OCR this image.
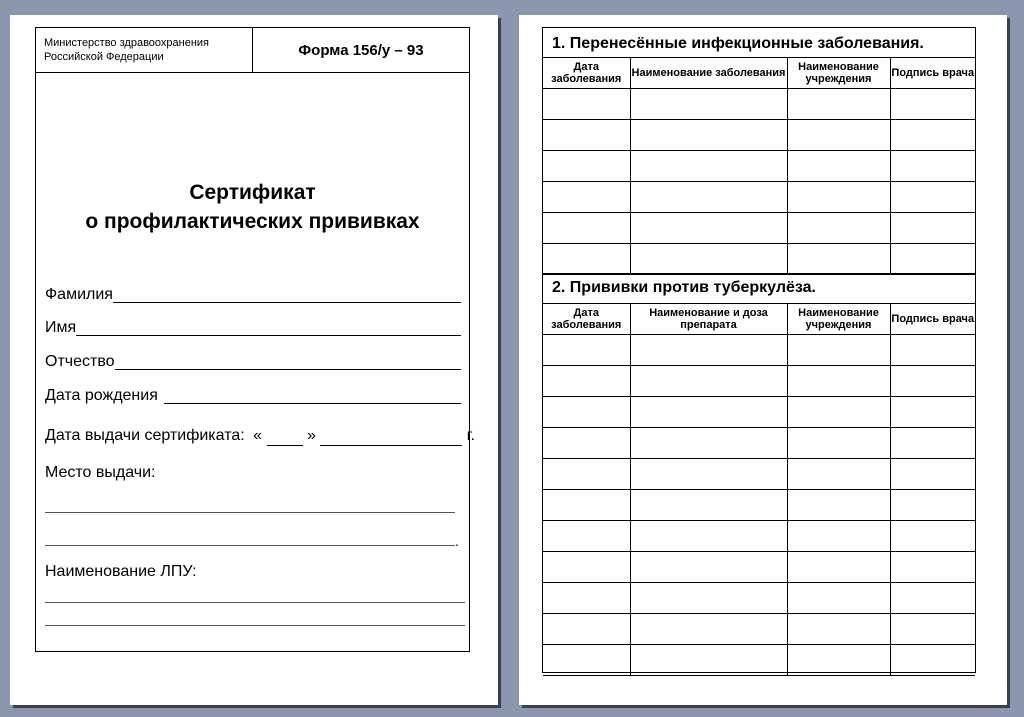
Министерство здравоохранения Российской Федерации	Форма 156/у – 93
Сертификат
о профилактических прививках
Фамилия
Имя
Отчество
Дата рождения
Дата выдачи сертификата: «	»	г.
Место выдачи:
.
Наименование ЛПУ:
1. Перенесённые инфекционные заболевания.
Дата заболевания	Наименование заболевания	Наименование учреждения	Подпись врача

2. Прививки против туберкулёза.
Дата заболевания	Наименование и доза препарата	Наименование учреждения	Подпись врача
